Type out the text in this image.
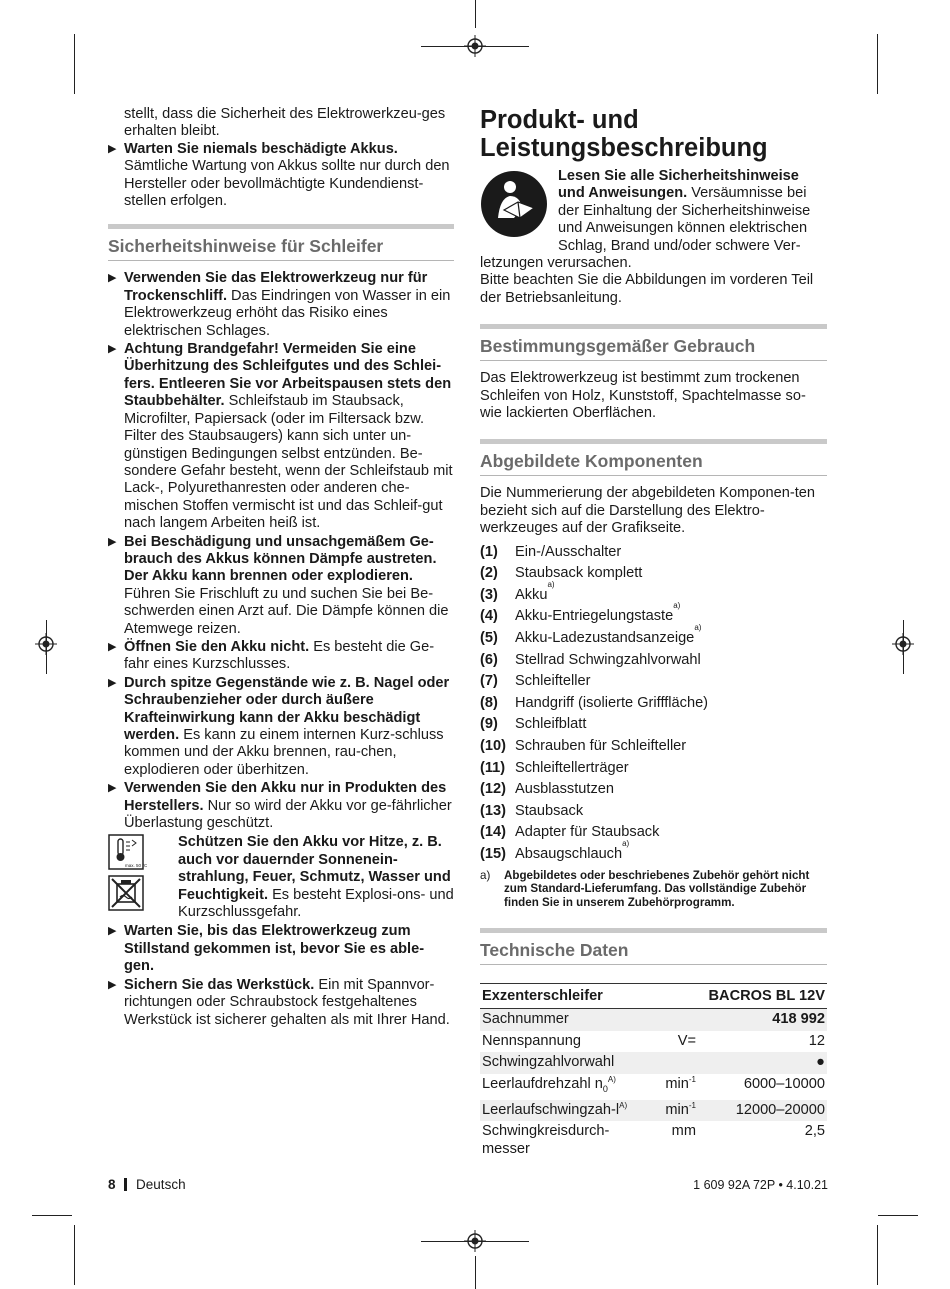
stellt, dass die Sicherheit des Elektrowerkzeu-ges erhalten bleibt.

▶ Warten Sie niemals beschädigte Akkus. Sämtliche Wartung von Akkus sollte nur durch den Hersteller oder bevollmächtigte Kundendienst-stellen erfolgen.
Sicherheitshinweise für Schleifer
▶ Verwenden Sie das Elektrowerkzeug nur für Trockenschliff. Das Eindringen von Wasser in ein Elektrowerkzeug erhöht das Risiko eines elektrischen Schlages.
▶ Achtung Brandgefahr! Vermeiden Sie eine Überhitzung des Schleifgutes und des Schlei-fers. Entleeren Sie vor Arbeitspausen stets den Staubbehälter. Schleifstaub im Staubsack, Microfilter, Papiersack (oder im Filtersack bzw. Filter des Staubsaugers) kann sich unter un-günstigen Bedingungen selbst entzünden. Be-sondere Gefahr besteht, wenn der Schleifstaub mit Lack-, Polyurethanresten oder anderen che-mischen Stoffen vermischt ist und das Schleif-gut nach langem Arbeiten heiß ist.
▶ Bei Beschädigung und unsachgemäßem Ge-brauch des Akkus können Dämpfe austreten. Der Akku kann brennen oder explodieren. Führen Sie Frischluft zu und suchen Sie bei Be-schwerden einen Arzt auf. Die Dämpfe können die Atemwege reizen.
▶ Öffnen Sie den Akku nicht. Es besteht die Ge-fahr eines Kurzschlusses.
▶ Durch spitze Gegenstände wie z. B. Nagel oder Schraubenzieher oder durch äußere Krafteinwirkung kann der Akku beschädigt werden. Es kann zu einem internen Kurz-schluss kommen und der Akku brennen, rau-chen, explodieren oder überhitzen.
▶ Verwenden Sie den Akku nur in Produkten des Herstellers. Nur so wird der Akku vor ge-fährlicher Überlastung geschützt.
max. 50 °C

Schützen Sie den Akku vor Hitze, z. B. auch vor dauernder Sonnenein-strahlung, Feuer, Schmutz, Wasser und Feuchtigkeit. Es besteht Explosi-ons- und Kurzschlussgefahr.

▶ Warten Sie, bis das Elektrowerkzeug zum Stillstand gekommen ist, bevor Sie es able-gen.
▶ Sichern Sie das Werkstück. Ein mit Spannvor-richtungen oder Schraubstock festgehaltenes Werkstück ist sicherer gehalten als mit Ihrer Hand.
Produkt- und Leistungsbeschreibung

Lesen Sie alle Sicherheitshinweise und Anweisungen. Versäumnisse bei der Einhaltung der Sicherheitshinweise und Anweisungen können elektrischen Schlag, Brand und/oder schwere Ver-letzungen verursachen.

Bitte beachten Sie die Abbildungen im vorderen Teil der Betriebsanleitung.

Bestimmungsgemäßer Gebrauch

Das Elektrowerkzeug ist bestimmt zum trockenen Schleifen von Holz, Kunststoff, Spachtelmasse so-wie lackierten Oberflächen.

Abgebildete Komponenten

Die Nummerierung der abgebildeten Komponen-ten bezieht sich auf die Darstellung des Elektro-werkzeuges auf der Grafikseite.

(1)	Ein-/Ausschalter
(2)	Staubsack komplett
(3)	Akku
a)
(4)	Akku-Entriegelungstaste
a)
(5)	Akku-Ladezustandsanzeige
a)
(6)	Stellrad Schwingzahlvorwahl
(7)	Schleifteller
(8)	Handgriff (isolierte Grifffläche)
(9)	Schleifblatt
(10) Schrauben für Schleifteller
(11) Schleiftellerträger
(12) Ausblasstutzen
(13) Staubsack
(14) Adapter für Staubsack
(15) Absaugschlauch
a)
a)	Abgebildetes oder beschriebenes Zubehör gehört nicht zum Standard-Lieferumfang. Das vollständige Zubehör finden Sie in unserem Zubehörprogramm.
Technische Daten
Exzenterschleifer		BACROS BL 12V
Sachnummer		418 992
Nennspannung	V=	12
Schwingzahlvorwahl		●
Leerlaufdrehzahl $n_0^{A)}$	$\min^{-1}$	6000–10000
Leerlaufschwingzah-$l^{A)}$	$\min^{-1}$	12000–20000
Schwingkreisdurch-messer	mm	2,5
8 Deutsch	1 609 92A 72P • 4.10.21
